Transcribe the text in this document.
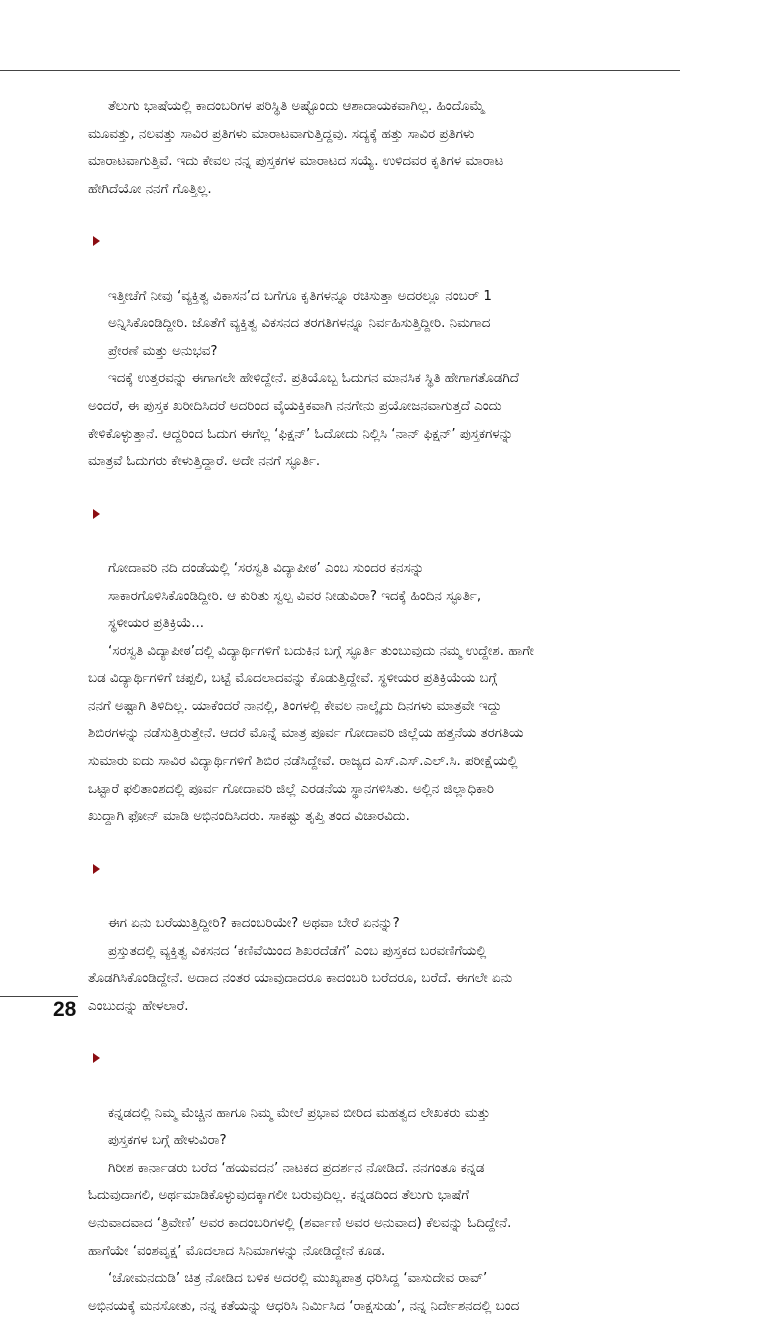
ತೆಲುಗು ಭಾಷೆಯಲ್ಲಿ ಕಾದಂಬರಿಗಳ ಪರಿಸ್ಥಿತಿ ಅಷ್ಟೊಂದು ಆಶಾದಾಯಕವಾಗಿಲ್ಲ. ಹಿಂದೊಮ್ಮೆ
ಮೂವತ್ತು, ನಲವತ್ತು ಸಾವಿರ ಪ್ರತಿಗಳು ಮಾರಾಟವಾಗುತ್ತಿದ್ದವು. ಸದ್ಯಕ್ಕೆ ಹತ್ತು ಸಾವಿರ ಪ್ರತಿಗಳು
ಮಾರಾಟವಾಗುತ್ತಿವೆ. ಇದು ಕೇವಲ ನನ್ನ ಪುಸ್ತಕಗಳ ಮಾರಾಟದ ಸಯ್ಯೆ. ಉಳಿದವರ ಕೃತಿಗಳ ಮಾರಾಟ
ಹೇಗಿದೆಯೋ ನನಗೆ ಗೊತ್ತಿಲ್ಲ.

ಇತ್ತೀಚೆಗೆ ನೀವು ‘ವ್ಯಕ್ತಿತ್ವ ವಿಕಾಸನ’ದ ಬಗೆಗೂ ಕೃತಿಗಳನ್ನೂ ರಚಿಸುತ್ತಾ ಅದರಲ್ಲೂ ನಂಬರ್ 1
ಅನ್ನಿಸಿಕೊಂಡಿದ್ದೀರಿ. ಜೊತೆಗೆ ವ್ಯಕ್ತಿತ್ವ ವಿಕಸನದ ತರಗತಿಗಳನ್ನೂ ನಿರ್ವಹಿಸುತ್ತಿದ್ದೀರಿ. ನಿಮಗಾದ
ಪ್ರೇರಣೆ ಮತ್ತು ಅನುಭವ?

ಇದಕ್ಕೆ ಉತ್ತರವನ್ನು ಈಗಾಗಲೇ ಹೇಳಿದ್ದೇನೆ. ಪ್ರತಿಯೊಬ್ಬ ಓದುಗನ ಮಾನಸಿಕ ಸ್ಥಿತಿ ಹೇಗಾಗತೊಡಗಿದೆ
ಅಂದರೆ, ಈ ಪುಸ್ತಕ ಖರೀದಿಸಿದರೆ ಅದರಿಂದ ವೈಯಕ್ತಿಕವಾಗಿ ನನಗೇನು ಪ್ರಯೋಜನವಾಗುತ್ತದೆ ಎಂದು
ಕೇಳಿಕೊಳ್ಳುತ್ತಾನೆ. ಆದ್ದರಿಂದ ಓದುಗ ಈಗೆಲ್ಲ ‘ಫಿಕ್ಷನ್’ ಓದೋದು ನಿಲ್ಲಿಸಿ ‘ನಾನ್ ಫಿಕ್ಷನ್’ ಪುಸ್ತಕಗಳನ್ನು
ಮಾತ್ರವೆ ಓದುಗರು ಕೇಳುತ್ತಿದ್ದಾರೆ. ಅದೇ ನನಗೆ ಸ್ಫೂರ್ತಿ.

ಗೋದಾವರಿ ನದಿ ದಂಡೆಯಲ್ಲಿ ‘ಸರಸ್ವತಿ ವಿದ್ಯಾಪೀಠ’ ಎಂಬ ಸುಂದರ ಕನಸನ್ನು
ಸಾಕಾರಗೊಳಿಸಿಕೊಂಡಿದ್ದೀರಿ. ಆ ಕುರಿತು ಸ್ವಲ್ಪ ವಿವರ ನೀಡುವಿರಾ? ಇದಕ್ಕೆ ಹಿಂದಿನ ಸ್ಫೂರ್ತಿ,
ಸ್ಥಳೀಯರ ಪ್ರತಿಕ್ರಿಯೆ...

‘ಸರಸ್ವತಿ ವಿದ್ಯಾಪೀಠ’ದಲ್ಲಿ ವಿದ್ಯಾರ್ಥಿಗಳಿಗೆ ಬದುಕಿನ ಬಗ್ಗೆ ಸ್ಫೂರ್ತಿ ತುಂಬುವುದು ನಮ್ಮ ಉದ್ದೇಶ. ಹಾಗೇ
ಬಡ ವಿದ್ಯಾರ್ಥಿಗಳಿಗೆ ಚಪ್ಪಲಿ, ಬಟ್ಟೆ ಮೊದಲಾದವನ್ನು ಕೊಡುತ್ತಿದ್ದೇವೆ. ಸ್ಥಳೀಯರ ಪ್ರತಿಕ್ರಿಯೆಯ ಬಗ್ಗೆ
ನನಗೆ ಅಷ್ಟಾಗಿ ತಿಳಿದಿಲ್ಲ. ಯಾಕೆಂದರೆ ನಾನಲ್ಲಿ, ತಿಂಗಳಲ್ಲಿ ಕೇವಲ ನಾಲ್ಕೈದು ದಿನಗಳು ಮಾತ್ರವೇ ಇದ್ದು
ಶಿಬಿರಗಳನ್ನು ನಡೆಸುತ್ತಿರುತ್ತೇನೆ. ಆದರೆ ಮೊನ್ನೆ ಮಾತ್ರ ಪೂರ್ವ ಗೋದಾವರಿ ಜಿಲ್ಲೆಯ ಹತ್ತನೆಯ ತರಗತಿಯ
ಸುಮಾರು ಐದು ಸಾವಿರ ವಿದ್ಯಾರ್ಥಿಗಳಿಗೆ ಶಿಬಿರ ನಡೆಸಿದ್ದೇವೆ. ರಾಜ್ಯದ ಎಸ್.ಎಸ್.ಎಲ್.ಸಿ. ಪರೀಕ್ಷೆಯಲ್ಲಿ
ಒಟ್ಟಾರೆ ಫಲಿತಾಂಶದಲ್ಲಿ ಪೂರ್ವ ಗೋದಾವರಿ ಜಿಲ್ಲೆ ಎರಡನೆಯ ಸ್ಥಾನಗಳಿಸಿತು. ಅಲ್ಲಿನ ಜಿಲ್ಲಾಧಿಕಾರಿ
ಖುದ್ದಾಗಿ ಫೋನ್ ಮಾಡಿ ಅಭಿನಂದಿಸಿದರು. ಸಾಕಷ್ಟು ತೃಪ್ತಿ ತಂದ ವಿಚಾರವಿದು.

ಈಗ ಏನು ಬರೆಯುತ್ತಿದ್ದೀರಿ? ಕಾದಂಬರಿಯೇ? ಅಥವಾ ಬೇರೆ ಏನನ್ನು?

ಪ್ರಸ್ತುತದಲ್ಲಿ ವ್ಯಕ್ತಿತ್ವ ವಿಕಸನದ ‘ಕಣಿವೆಯಿಂದ ಶಿಖರದೆಡೆಗೆ’ ಎಂಬ ಪುಸ್ತಕದ ಬರವಣಿಗೆಯಲ್ಲಿ
ತೊಡಗಿಸಿಕೊಂಡಿದ್ದೇನೆ. ಅದಾದ ನಂತರ ಯಾವುದಾದರೂ ಕಾದಂಬರಿ ಬರೆದರೂ, ಬರೆದೆ. ಈಗಲೇ ಏನು
ಎಂಬುದನ್ನು ಹೇಳಲಾರೆ.

ಕನ್ನಡದಲ್ಲಿ ನಿಮ್ಮ ಮೆಚ್ಚಿನ ಹಾಗೂ ನಿಮ್ಮ ಮೇಲೆ ಪ್ರಭಾವ ಬೀರಿದ ಮಹತ್ವದ ಲೇಖಕರು ಮತ್ತು
ಪುಸ್ತಕಗಳ ಬಗ್ಗೆ ಹೇಳುವಿರಾ?

ಗಿರೀಶ ಕಾರ್ನಾಡರು ಬರೆದ ‘ಹಯವದನ’ ನಾಟಕದ ಪ್ರದರ್ಶನ ನೋಡಿದೆ. ನನಗಂತೂ ಕನ್ನಡ
ಓದುವುದಾಗಲಿ, ಅರ್ಥಮಾಡಿಕೊಳ್ಳುವುದಕ್ಕಾಗಲೀ ಬರುವುದಿಲ್ಲ. ಕನ್ನಡದಿಂದ ತೆಲುಗು ಭಾಷೆಗೆ
ಅನುವಾದವಾದ ‘ತ್ರಿವೇಣಿ’ ಅವರ ಕಾದಂಬರಿಗಳಲ್ಲಿ (ಶರ್ವಾಣಿ ಅವರ ಅನುವಾದ) ಕೆಲವನ್ನು ಓದಿದ್ದೇನೆ.
ಹಾಗೆಯೇ ‘ವಂಶವೃಕ್ಷ’ ಮೊದಲಾದ ಸಿನಿಮಾಗಳನ್ನು ನೋಡಿದ್ದೇನೆ ಕೂಡ.

‘ಚೋಮನದುಡಿ’ ಚಿತ್ರ ನೋಡಿದ ಬಳಿಕ ಅದರಲ್ಲಿ ಮುಖ್ಯಪಾತ್ರ ಧರಿಸಿದ್ದ ‘ವಾಸುದೇವ ರಾವ್’
ಅಭಿನಯಕ್ಕೆ ಮನಸೋತು, ನನ್ನ ಕತೆಯನ್ನು ಆಧರಿಸಿ ನಿರ್ಮಿಸಿದ ‘ರಾಕ್ಷಸುಡು’, ನನ್ನ ನಿರ್ದೇಶನದಲ್ಲಿ ಬಂದ

28
